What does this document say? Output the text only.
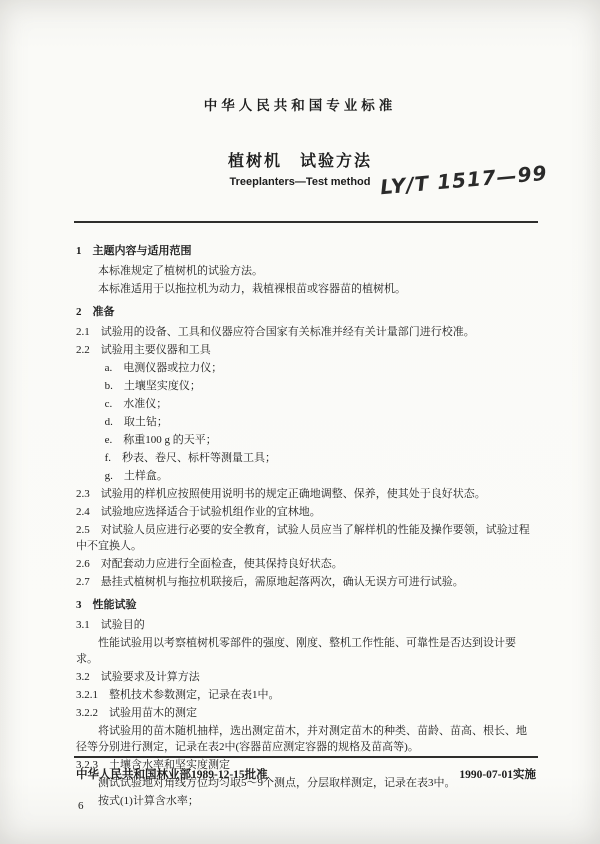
中华人民共和国专业标准
植树机　试验方法
Treeplanters—Test method LY/T 1517—99
1　主题内容与适用范围
本标准规定了植树机的试验方法。
本标准适用于以拖拉机为动力，栽植裸根苗或容器苗的植树机。
2　准备
2.1　试验用的设备、工具和仪器应符合国家有关标准并经有关计量部门进行校准。
2.2　试验用主要仪器和工具
a.　电测仪器或拉力仪；
b.　土壤坚实度仪；
c.　水准仪；
d.　取土钻；
e.　称重100 g 的天平；
f.　秒表、卷尺、标杆等测量工具；
g.　土样盒。
2.3　试验用的样机应按照使用说明书的规定正确地调整、保养，使其处于良好状态。
2.4　试验地应选择适合于试验机组作业的宜林地。
2.5　对试验人员应进行必要的安全教育，试验人员应当了解样机的性能及操作要领，试验过程中不宜换人。
2.6　对配套动力应进行全面检查，使其保持良好状态。
2.7　悬挂式植树机与拖拉机联接后，需原地起落两次，确认无误方可进行试验。
3　性能试验
3.1　试验目的
性能试验用以考察植树机零部件的强度、刚度、整机工作性能、可靠性是否达到设计要求。
3.2　试验要求及计算方法
3.2.1　整机技术参数测定，记录在表1中。
3.2.2　试验用苗木的测定
将试验用的苗木随机抽样，选出测定苗木，并对测定苗木的种类、苗龄、苗高、根长、地径等分别进行测定，记录在表2中(容器苗应测定容器的规格及苗高等)。
3.2.3　土壤含水率和坚实度测定
测试试验地对角线方位均匀取5～9个测点，分层取样测定，记录在表3中。
按式(1)计算含水率；
中华人民共和国林业部1989-12-15批准	1990-07-01实施
6
